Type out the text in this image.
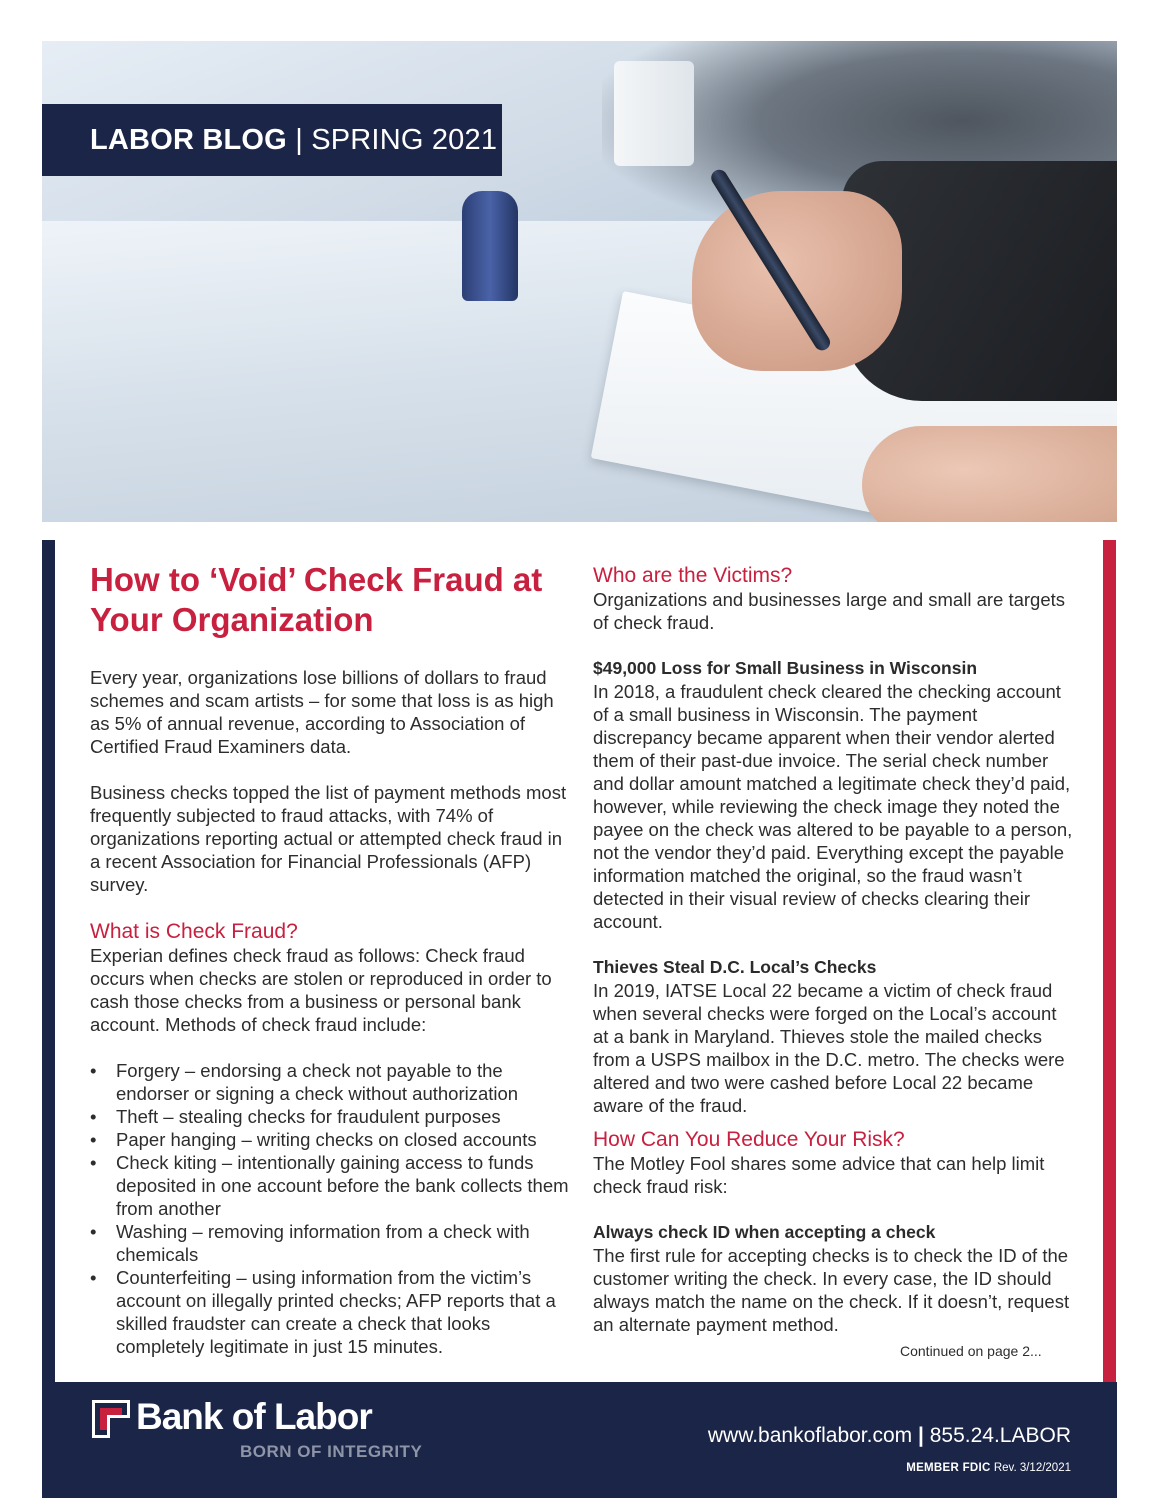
LABOR BLOG | SPRING 2021
How to ‘Void’ Check Fraud at Your Organization

Every year, organizations lose billions of dollars to fraud schemes and scam artists – for some that loss is as high as 5% of annual revenue, according to Association of Certified Fraud Examiners data.

Business checks topped the list of payment methods most frequently subjected to fraud attacks, with 74% of organizations reporting actual or attempted check fraud in a recent Association for Financial Professionals (AFP) survey.

What is Check Fraud?

Experian defines check fraud as follows: Check fraud occurs when checks are stolen or reproduced in order to cash those checks from a business or personal bank account. Methods of check fraud include:

• Forgery – endorsing a check not payable to the endorser or signing a check without authorization
• Theft – stealing checks for fraudulent purposes
• Paper hanging – writing checks on closed accounts
• Check kiting – intentionally gaining access to funds deposited in one account before the bank collects them from another
• Washing – removing information from a check with chemicals
• Counterfeiting – using information from the victim’s account on illegally printed checks; AFP reports that a skilled fraudster can create a check that looks completely legitimate in just 15 minutes.
Who are the Victims?

Organizations and businesses large and small are targets of check fraud.

$49,000 Loss for Small Business in Wisconsin

In 2018, a fraudulent check cleared the checking account of a small business in Wisconsin. The payment discrepancy became apparent when their vendor alerted them of their past-due invoice. The serial check number and dollar amount matched a legitimate check they’d paid, however, while reviewing the check image they noted the payee on the check was altered to be payable to a person, not the vendor they’d paid. Everything except the payable information matched the original, so the fraud wasn’t detected in their visual review of checks clearing their account.

Thieves Steal D.C. Local’s Checks

In 2019, IATSE Local 22 became a victim of check fraud when several checks were forged on the Local’s account at a bank in Maryland. Thieves stole the mailed checks from a USPS mailbox in the D.C. metro. The checks were altered and two were cashed before Local 22 became aware of the fraud.

How Can You Reduce Your Risk?

The Motley Fool shares some advice that can help limit check fraud risk:

Always check ID when accepting a check

The first rule for accepting checks is to check the ID of the customer writing the check. In every case, the ID should always match the name on the check. If it doesn’t, request an alternate payment method.

Continued on page 2...
Bank of Labor
BORN OF INTEGRITY
www.bankoflabor.com | 855.24.LABOR
MEMBER FDIC Rev. 3/12/2021
